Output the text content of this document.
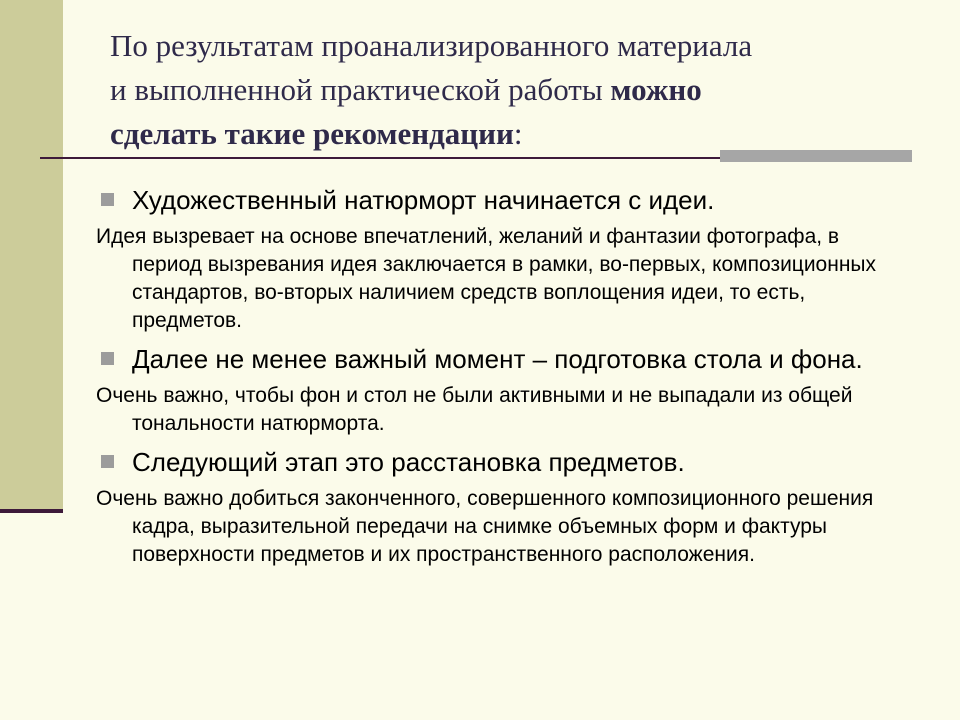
По результатам проанализированного материала
и выполненной практической работы можно
сделать такие рекомендации:
Художественный натюрморт начинается с идеи.
Идея вызревает на основе впечатлений, желаний и фантазии фотографа, в период вызревания идея заключается в рамки, во-первых, композиционных стандартов, во-вторых наличием средств воплощения идеи, то есть, предметов.
Далее не менее важный момент – подготовка стола и фона.
Очень важно, чтобы фон и стол не были активными и не выпадали из общей тональности натюрморта.
Следующий этап это расстановка предметов.
Очень важно добиться законченного, совершенного композиционного решения кадра, выразительной передачи на снимке объемных форм и фактуры поверхности предметов и их пространственного расположения.
